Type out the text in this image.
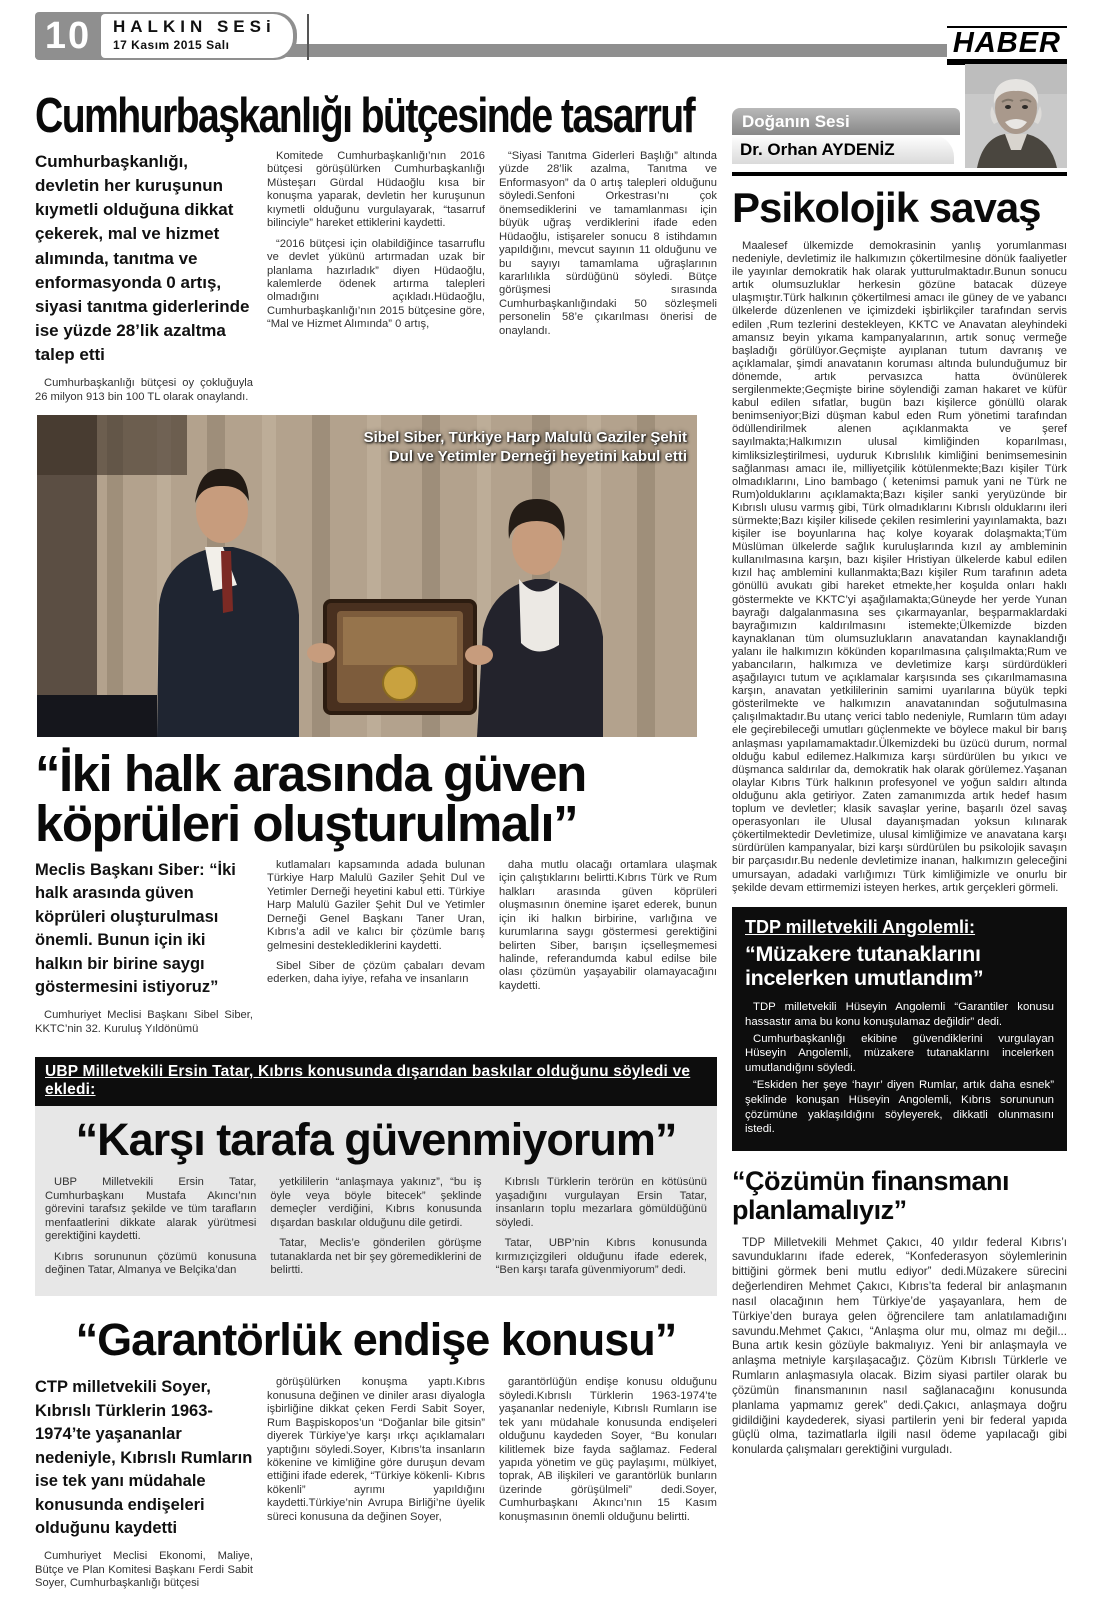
10	HALKIN SESi
17 Kasım 2015 Salı	HABER
Cumhurbaşkanlığı bütçesinde tasarruf

Cumhurbaşkanlığı, devletin her kuruşunun kıymetli olduğuna dikkat çekerek, mal ve hizmet alımında, tanıtma ve enformasyonda 0 artış, siyasi tanıtma giderlerinde ise yüzde 28’lik azaltma talep etti

Cumhurbaşkanlığı bütçesi oy çokluğuyla 26 milyon 913 bin 100 TL olarak onaylandı.

Komitede Cumhurbaşkanlığı’nın 2016 bütçesi görüşülürken Cumhurbaşkanlığı Müsteşarı Gürdal Hüdaoğlu kısa bir konuşma yaparak, devletin her kuruşunun kıymetli olduğunu vurgulayarak, “tasarruf bilinciyle” hareket ettiklerini kaydetti.

“2016 bütçesi için olabildiğince tasarruflu ve devlet yükünü artırmadan uzak bir planlama hazırladık” diyen Hüdaoğlu, kalemlerde ödenek artırma talepleri olmadığını açıkladı.Hüdaoğlu, Cumhurbaşkanlığı’nın 2015 bütçesine göre, “Mal ve Hizmet Alımında” 0 artış,

“Siyasi Tanıtma Giderleri Başlığı” altında yüzde 28’lik azalma, Tanıtma ve Enformasyon” da 0 artış talepleri olduğunu söyledi.Senfoni Orkestrası’nı çok önemsediklerini ve tamamlanması için büyük uğraş verdiklerini ifade eden Hüdaoğlu, istişareler sonucu 8 istihdamın yapıldığını, mevcut sayının 11 olduğunu ve bu sayıyı tamamlama uğraşlarının kararlılıkla sürdüğünü söyledi. Bütçe görüşmesi sırasında Cumhurbaşkanlığındaki 50 sözleşmeli personelin 58’e çıkarılması önerisi de onaylandı.

Sibel Siber, Türkiye Harp Malulü Gaziler Şehit Dul ve Yetimler Derneği heyetini kabul etti
“İki halk arasında güven köprüleri oluşturulmalı”

Meclis Başkanı Siber: “İki halk arasında güven köprüleri oluşturulması önemli. Bunun için iki halkın bir birine saygı göstermesini istiyoruz”

Cumhuriyet Meclisi Başkanı Sibel Siber, KKTC’nin 32. Kuruluş Yıldönümü

kutlamaları kapsamında adada bulunan Türkiye Harp Malulü Gaziler Şehit Dul ve Yetimler Derneği heyetini kabul etti. Türkiye Harp Malulü Gaziler Şehit Dul ve Yetimler Derneği Genel Başkanı Taner Uran, Kıbrıs’a adil ve kalıcı bir çözümle barış gelmesini desteklediklerini kaydetti.

Sibel Siber de çözüm çabaları devam ederken, daha iyiye, refaha ve insanların

daha mutlu olacağı ortamlara ulaşmak için çalıştıklarını belirtti.Kıbrıs Türk ve Rum halkları arasında güven köprüleri oluşmasının önemine işaret ederek, bunun için iki halkın birbirine, varlığına ve kurumlarına saygı göstermesi gerektiğini belirten Siber, barışın içselleşmemesi halinde, referandumda kabul edilse bile olası çözümün yaşayabilir olamayacağını kaydetti.

UBP Milletvekili Ersin Tatar, Kıbrıs konusunda dışarıdan baskılar olduğunu söyledi ve ekledi:
“Karşı tarafa güvenmiyorum”

UBP Milletvekili Ersin Tatar, Cumhurbaşkanı Mustafa Akıncı’nın görevini tarafsız şekilde ve tüm tarafların menfaatlerini dikkate alarak yürütmesi gerektiğini kaydetti.

Kıbrıs sorununun çözümü konusuna değinen Tatar, Almanya ve Belçika’dan

yetkililerin “anlaşmaya yakınız”, “bu iş öyle veya böyle bitecek” şeklinde demeçler verdiğini, Kıbrıs konusunda dışardan baskılar olduğunu dile getirdi.

Tatar, Meclis’e gönderilen görüşme tutanaklarda net bir şey göremediklerini de belirtti.

Kıbrıslı Türklerin terörün en kötüsünü yaşadığını vurgulayan Ersin Tatar, insanların toplu mezarlara gömüldüğünü söyledi.

Tatar, UBP’nin Kıbrıs konusunda kırmızıçizgileri olduğunu ifade ederek, “Ben karşı tarafa güvenmiyorum” dedi.

“Garantörlük endişe konusu”

CTP milletvekili Soyer, Kıbrıslı Türklerin 1963-1974’te yaşananlar nedeniyle, Kıbrıslı Rumların ise tek yanı müdahale konusunda endişeleri olduğunu kaydetti

Cumhuriyet Meclisi Ekonomi, Maliye, Bütçe ve Plan Komitesi Başkanı Ferdi Sabit Soyer, Cumhurbaşkanlığı bütçesi

görüşülürken konuşma yaptı.Kıbrıs konusuna değinen ve diniler arası diyalogla işbirliğine dikkat çeken Ferdi Sabit Soyer, Rum Başpiskopos’un “Doğanlar bile gitsin” diyerek Türkiye’ye karşı ırkçı açıklamaları yaptığını söyledi.Soyer, Kıbrıs’ta insanların kökenine ve kimliğine göre duruşun devam ettiğini ifade ederek, “Türkiye kökenli- Kıbrıs kökenli” ayrımı yapıldığını kaydetti.Türkiye’nin Avrupa Birliği’ne üyelik süreci konusuna da değinen Soyer,

garantörlüğün endişe konusu olduğunu söyledi.Kıbrıslı Türklerin 1963-1974’te yaşananlar nedeniyle, Kıbrıslı Rumların ise tek yanı müdahale konusunda endişeleri olduğunu kaydeden Soyer, “Bu konuları kilitlemek bize fayda sağlamaz. Federal yapıda yönetim ve güç paylaşımı, mülkiyet, toprak, AB ilişkileri ve garantörlük bunların üzerinde görüşülmeli” dedi.Soyer, Cumhurbaşkanı Akıncı’nın 15 Kasım konuşmasının önemli olduğunu belirtti.

Doğanın Sesi
Dr. Orhan AYDENİZ
Psikolojik savaş

Maalesef ülkemizde demokrasinin yanlış yorumlanması nedeniyle, devletimiz ile halkımızın çökertilmesine dönük faaliyetler ile yayınlar demokratik hak olarak yutturulmaktadır.Bunun sonucu artık olumsuzluklar herkesin gözüne batacak düzeye ulaşmıştır.Türk halkının çökertilmesi amacı ile güney de ve yabancı ülkelerde düzenlenen ve içimizdeki işbirlikçiler tarafından servis edilen ,Rum tezlerini destekleyen, KKTC ve Anavatan aleyhindeki amansız beyin yıkama kampanyalarının, artık sonuç vermeğe başladığı görülüyor.Geçmişte ayıplanan tutum davranış ve açıklamalar, şimdi anavatanın koruması altında bulunduğumuz bir dönemde, artık pervasızca hatta övünülerek sergilenmekte;Geçmişte birine söylendiği zaman hakaret ve küfür kabul edilen sıfatlar, bugün bazı kişilerce gönüllü olarak benimseniyor;Bizi düşman kabul eden Rum yönetimi tarafından ödüllendirilmek alenen açıklanmakta ve şeref sayılmakta;Halkımızın ulusal kimliğinden koparılması, kimliksizleştirilmesi, uyduruk Kıbrıslılık kimliğini benimsemesinin sağlanması amacı ile, milliyetçilik kötülenmekte;Bazı kişiler Türk olmadıklarını, Lino bambago ( ketenimsi pamuk yani ne Türk ne Rum)olduklarını açıklamakta;Bazı kişiler sanki yeryüzünde bir Kıbrıslı ulusu varmış gibi, Türk olmadıklarını Kıbrıslı olduklarını ileri sürmekte;Bazı kişiler kilisede çekilen resimlerini yayınlamakta, bazı kişiler ise boyunlarına haç kolye koyarak dolaşmakta;Tüm Müslüman ülkelerde sağlık kuruluşlarında kızıl ay ambleminin kullanılmasına karşın, bazı kişiler Hristiyan ülkelerde kabul edilen kızıl haç amblemini kullanmakta;Bazı kişiler Rum tarafının adeta gönüllü avukatı gibi hareket etmekte,her koşulda onları haklı göstermekte ve KKTC’yi aşağılamakta;Güneyde her yerde Yunan bayrağı dalgalanmasına ses çıkarmayanlar, beşparmaklardaki bayrağımızın kaldırılmasını istemekte;Ülkemizde bizden kaynaklanan tüm olumsuzlukların anavatandan kaynaklandığı yalanı ile halkımızın kökünden koparılmasına çalışılmakta;Rum ve yabancıların, halkımıza ve devletimize karşı sürdürdükleri aşağılayıcı tutum ve açıklamalar karşısında ses çıkarılmamasına karşın, anavatan yetkililerinin samimi uyarılarına büyük tepki gösterilmekte ve halkımızın anavatanından soğutulmasına çalışılmaktadır.Bu utanç verici tablo nedeniyle, Rumların tüm adayı ele geçirebileceği umutları güçlenmekte ve böylece makul bir barış anlaşması yapılamamaktadır.Ülkemizdeki bu üzücü durum, normal olduğu kabul edilemez.Halkımıza karşı sürdürülen bu yıkıcı ve düşmanca saldırılar da, demokratik hak olarak görülemez.Yaşanan olaylar Kıbrıs Türk halkının profesyonel ve yoğun saldırı altında olduğunu akla getiriyor. Zaten zamanımızda artık hedef hasım toplum ve devletler; klasik savaşlar yerine, başarılı özel savaş operasyonları ile Ulusal dayanışmadan yoksun kılınarak çökertilmektedir Devletimize, ulusal kimliğimize ve anavatana karşı sürdürülen kampanyalar, bizi karşı sürdürülen bu psikolojik savaşın bir parçasıdır.Bu nedenle devletimize inanan, halkımızın geleceğini umursayan, adadaki varlığımızı Türk kimliğimizle ve onurlu bir şekilde devam ettirmemizi isteyen herkes, artık gerçekleri görmeli.

TDP milletvekili Angolemli:
“Müzakere tutanaklarını incelerken umutlandım”

TDP milletvekili Hüseyin Angolemli “Garantiler konusu hassastır ama bu konu konuşulamaz değildir” dedi.

Cumhurbaşkanlığı ekibine güvendiklerini vurgulayan Hüseyin Angolemli, müzakere tutanaklarını incelerken umutlandığını söyledi.

“Eskiden her şeye ‘hayır’ diyen Rumlar, artık daha esnek” şeklinde konuşan Hüseyin Angolemli, Kıbrıs sorununun çözümüne yaklaşıldığını söyleyerek, dikkatli olunmasını istedi.

“Çözümün finansmanı planlamalıyız”

TDP Milletvekili Mehmet Çakıcı, 40 yıldır federal Kıbrıs’ı savunduklarını ifade ederek, “Konfederasyon söylemlerinin bittiğini görmek beni mutlu ediyor” dedi.Müzakere sürecini değerlendiren Mehmet Çakıcı, Kıbrıs’ta federal bir anlaşmanın nasıl olacağının hem Türkiye’de yaşayanlara, hem de Türkiye’den buraya gelen öğrencilere tam anlatılamadığını savundu.Mehmet Çakıcı, “Anlaşma olur mu, olmaz mı değil... Buna artık kesin gözüyle bakmalıyız. Yeni bir anlaşmayla ve anlaşma metniyle karşılaşacağız. Çözüm Kıbrıslı Türklerle ve Rumların anlaşmasıyla olacak. Bizim siyasi partiler olarak bu çözümün finansmanının nasıl sağlanacağını konusunda planlama yapmamız gerek” dedi.Çakıcı, anlaşmaya doğru gidildiğini kaydederek, siyasi partilerin yeni bir federal yapıda güçlü olma, tazimatlarla ilgili nasıl ödeme yapılacağı gibi konularda çalışmaları gerektiğini vurguladı.
